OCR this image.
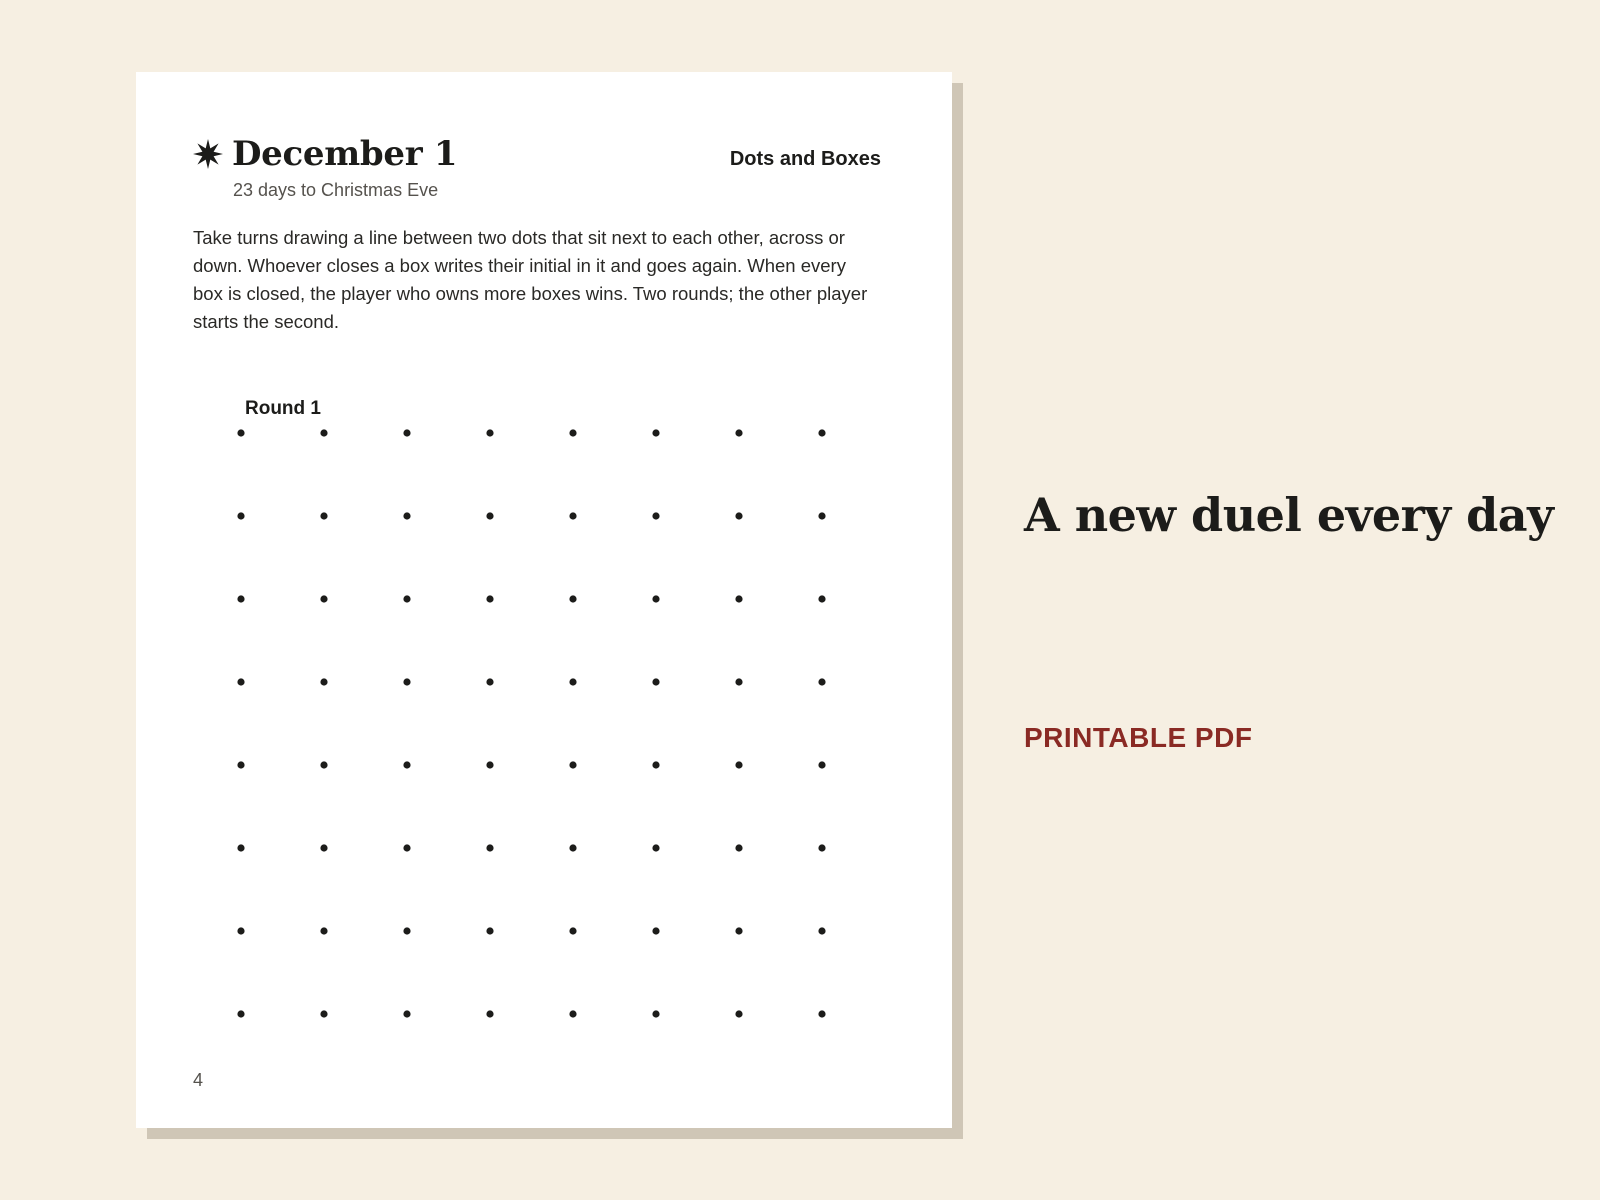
December 1
23 days to Christmas Eve
Dots and Boxes

Take turns drawing a line between two dots that sit next to each other, across or down. Whoever closes a box writes their initial in it and goes again. When every box is closed, the player who owns more boxes wins. Two rounds; the other player starts the second.

Round 1
4
A new duel every day
PRINTABLE PDF
